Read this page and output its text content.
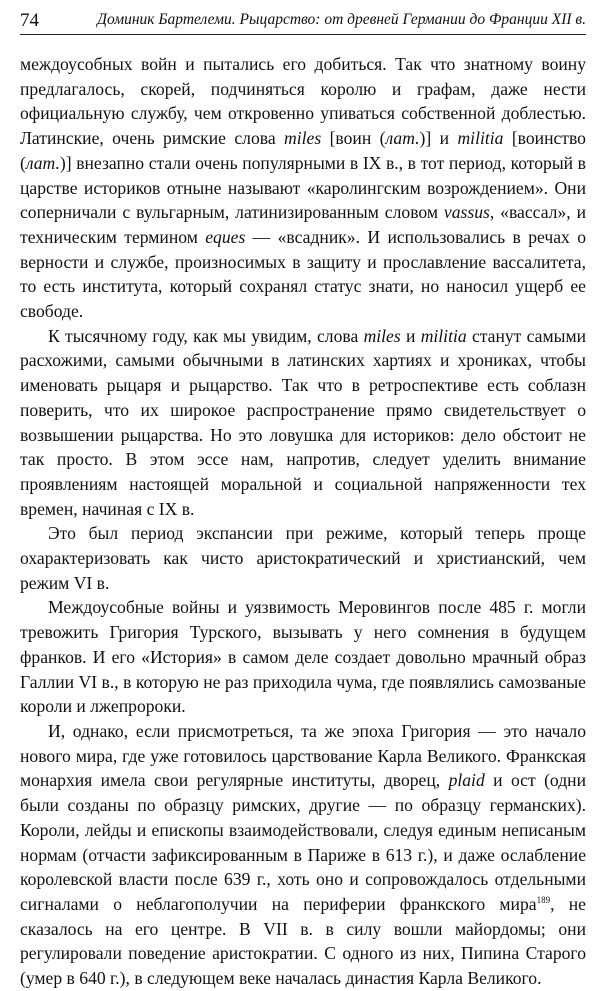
74	Доминик Бартелеми. Рыцарство: от древней Германии до Франции XII в.

междоусобных войн и пытались его добиться. Так что знатному воину предлагалось, скорей, подчиняться королю и графам, даже нести официальную службу, чем откровенно упиваться собственной доблестью. Латинские, очень римские слова miles [воин (лат.)] и militia [воинство (лат.)] внезапно стали очень популярными в IX в., в тот период, который в царстве историков отныне называют «каролингским возрождением». Они соперничали с вульгарным, латинизированным словом vassus, «вассал», и техническим термином eques — «всадник». И использовались в речах о верности и службе, произносимых в защиту и прославление вассалитета, то есть института, который сохранял статус знати, но наносил ущерб ее свободе.

К тысячному году, как мы увидим, слова miles и militia станут самыми расхожими, самыми обычными в латинских хартиях и хрониках, чтобы именовать рыцаря и рыцарство. Так что в ретроспективе есть соблазн поверить, что их широкое распространение прямо свидетельствует о возвышении рыцарства. Но это ловушка для историков: дело обстоит не так просто. В этом эссе нам, напротив, следует уделить внимание проявлениям настоящей моральной и социальной напряженности тех времен, начиная с IX в.

Это был период экспансии при режиме, который теперь проще охарактеризовать как чисто аристократический и христианский, чем режим VI в.

Междоусобные войны и уязвимость Меровингов после 485 г. могли тревожить Григория Турского, вызывать у него сомнения в будущем франков. И его «История» в самом деле создает довольно мрачный образ Галлии VI в., в которую не раз приходила чума, где появлялись самозваные короли и лжепророки.

И, однако, если присмотреться, та же эпоха Григория — это начало нового мира, где уже готовилось царствование Карла Великого. Франкская монархия имела свои регулярные институты, дворец, plaid и ост (одни были созданы по образцу римских, другие — по образцу германских). Короли, лейды и епископы взаимодействовали, следуя единым неписаным нормам (отчасти зафиксированным в Париже в 613 г.), и даже ослабление королевской власти после 639 г., хоть оно и сопровождалось отдельными сигналами о неблагополучии на периферии франкского мира$^{189}$, не сказалось на его центре. В VII в. в силу вошли майордомы; они регулировали поведение аристократии. С одного из них, Пипина Старого (умер в 640 г.), в следующем веке началась династия Карла Великого.
